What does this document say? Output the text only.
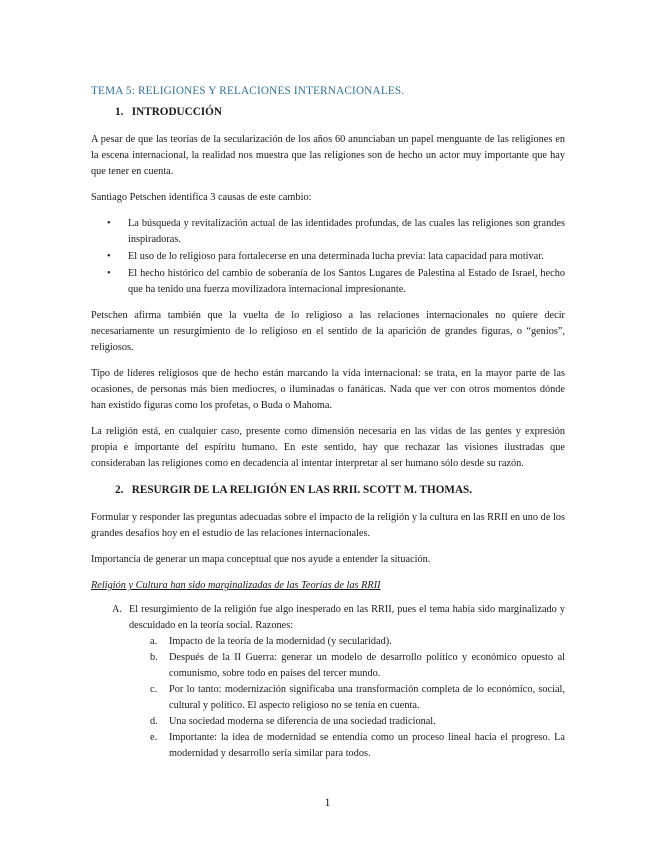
TEMA 5: RELIGIONES Y RELACIONES INTERNACIONALES.
1. INTRODUCCIÓN

A pesar de que las teorías de la secularización de los años 60 anunciaban un papel menguante de las religiones en la escena internacional, la realidad nos muestra que las religiones son de hecho un actor muy importante que hay que tener en cuenta.

Santiago Petschen identifica 3 causas de este cambio:

• La búsqueda y revitalización actual de las identidades profundas, de las cuales las religiones son grandes inspiradoras.
• El uso de lo religioso para fortalecerse en una determinada lucha previa: lata capacidad para motivar.
• El hecho histórico del cambio de soberanía de los Santos Lugares de Palestina al Estado de Israel, hecho que ha tenido una fuerza movilizadora internacional impresionante.

Petschen afirma también que la vuelta de lo religioso a las relaciones internacionales no quiere decir necesariamente un resurgimiento de lo religioso en el sentido de la aparición de grandes figuras, o “genios”, religiosos.

Tipo de líderes religiosos que de hecho están marcando la vida internacional: se trata, en la mayor parte de las ocasiones, de personas más bien mediocres, o iluminadas o fanáticas. Nada que ver con otros momentos dónde han existido figuras como los profetas, o Buda o Mahoma.

La religión está, en cualquier caso, presente como dimensión necesaria en las vidas de las gentes y expresión propia e importante del espíritu humano. En este sentido, hay que rechazar las visiones ilustradas que consideraban las religiones como en decadencia al intentar interpretar al ser humano sólo desde su razón.

2. RESURGIR DE LA RELIGIÓN EN LAS RRII. SCOTT M. THOMAS.

Formular y responder las preguntas adecuadas sobre el impacto de la religión y la cultura en las RRII en uno de los grandes desafíos hoy en el estudio de las relaciones internacionales.

Importancia de generar un mapa conceptual que nos ayude a entender la situación.

Religión y Cultura han sido marginalizadas de las Teorías de las RRII
A. El resurgimiento de la religión fue algo inesperado en las RRII, pues el tema había sido marginalizado y descuidado en la teoría social. Razones:
a. Impacto de la teoría de la modernidad (y secularidad).
b. Después de la II Guerra: generar un modelo de desarrollo político y económico opuesto al comunismo, sobre todo en países del tercer mundo.
c. Por lo tanto: modernización significaba una transformación completa de lo económico, social, cultural y político. El aspecto religioso no se tenía en cuenta.
d. Una sociedad moderna se diferencia de una sociedad tradicional.
e. Importante: la idea de modernidad se entendía como un proceso lineal hacia el progreso. La modernidad y desarrollo sería similar para todos.
1
